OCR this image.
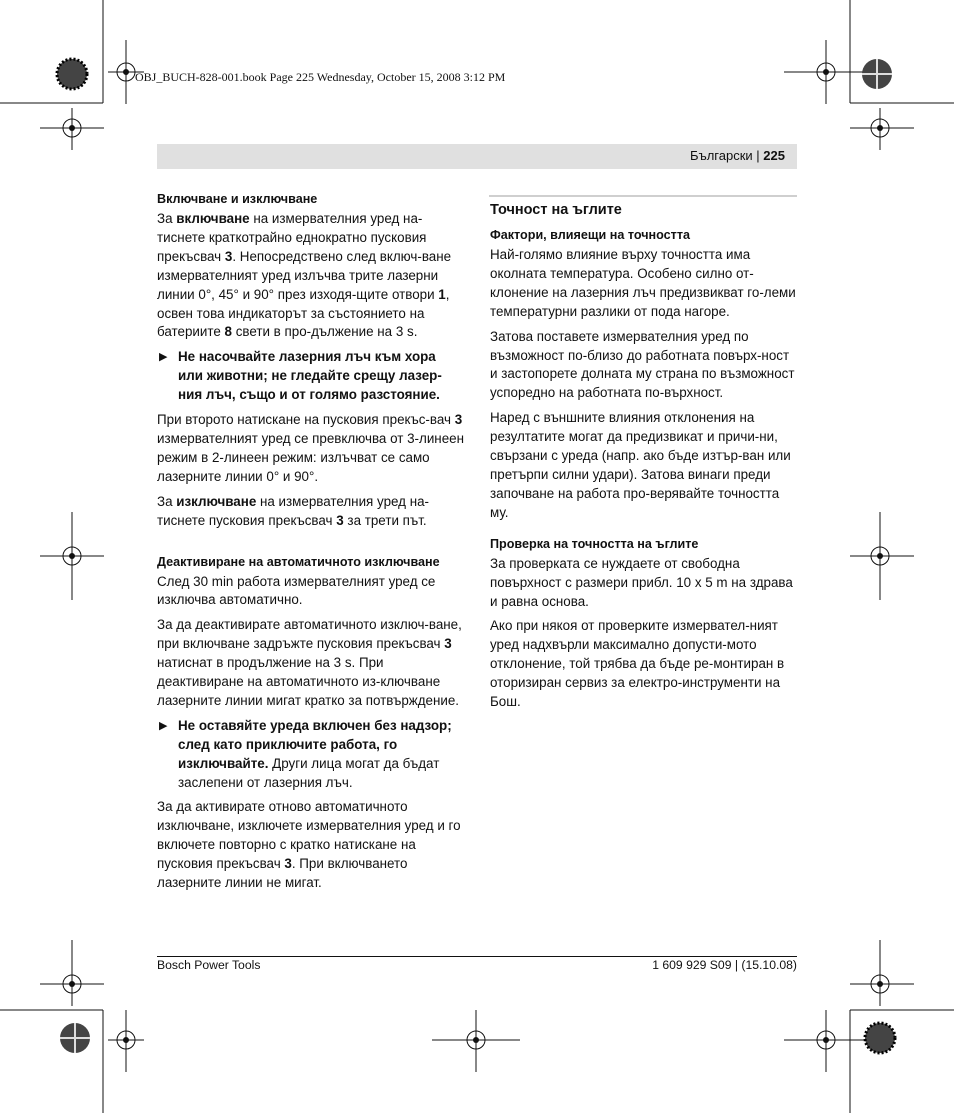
OBJ_BUCH-828-001.book Page 225 Wednesday, October 15, 2008 3:12 PM
Български | 225
Включване и изключване

За включване на измервателния уред на-тиснете краткотрайно еднократно пусковия прекъсвач 3. Непосредствено след включ-ване измервателният уред излъчва трите лазерни линии 0°, 45° и 90° през изходя-щите отвори 1, освен това индикаторът за състоянието на батериите 8 свети в про-дължение на 3 s.

▶ Не насочвайте лазерния лъч към хора или животни; не гледайте срещу лазер-ния лъч, също и от голямо разстояние.

При второто натискане на пусковия прекъс-вач 3 измервателният уред се превключва от 3-линеен режим в 2-линеен режим: излъчват се само лазерните линии 0° и 90°.

За изключване на измервателния уред на-тиснете пусковия прекъсвач 3 за трети път.

Деактивиране на автоматичното изключване

След 30 min работа измервателният уред се изключва автоматично.

За да деактивирате автоматичното изключ-ване, при включване задръжте пусковия прекъсвач 3 натиснат в продължение на 3 s. При деактивиране на автоматичното из-ключване лазерните линии мигат кратко за потвърждение.

▶ Не оставяйте уреда включен без надзор; след като приключите работа, го изключвайте. Други лица могат да бъдат заслепени от лазерния лъч.

За да активирате отново автоматичното изключване, изключете измервателния уред и го включете повторно с кратко натискане на пусковия прекъсвач 3. При включването лазерните линии не мигат.

Точност на ъглите
Фактори, влияещи на точността

Най-голямо влияние върху точността има околната температура. Особено силно от-клонение на лазерния лъч предизвикват го-леми температурни разлики от пода нагоре.

Затова поставете измервателния уред по възможност по-близо до работната повърх-ност и застопорете долната му страна по възможност успоредно на работната по-върхност.

Наред с външните влияния отклонения на резултатите могат да предизвикат и причи-ни, свързани с уреда (напр. ако бъде изтър-ван или претърпи силни удари). Затова винаги преди започване на работа про-верявайте точността му.

Проверка на точността на ъглите

За проверката се нуждаете от свободна повърхност с размери прибл. 10 x 5 m на здрава и равна основа.

Ако при някоя от проверките измервател-ният уред надхвърли максимално допусти-мото отклонение, той трябва да бъде ре-монтиран в оторизиран сервиз за електро-инструменти на Бош.

Bosch Power Tools	1 609 929 S09 | (15.10.08)
